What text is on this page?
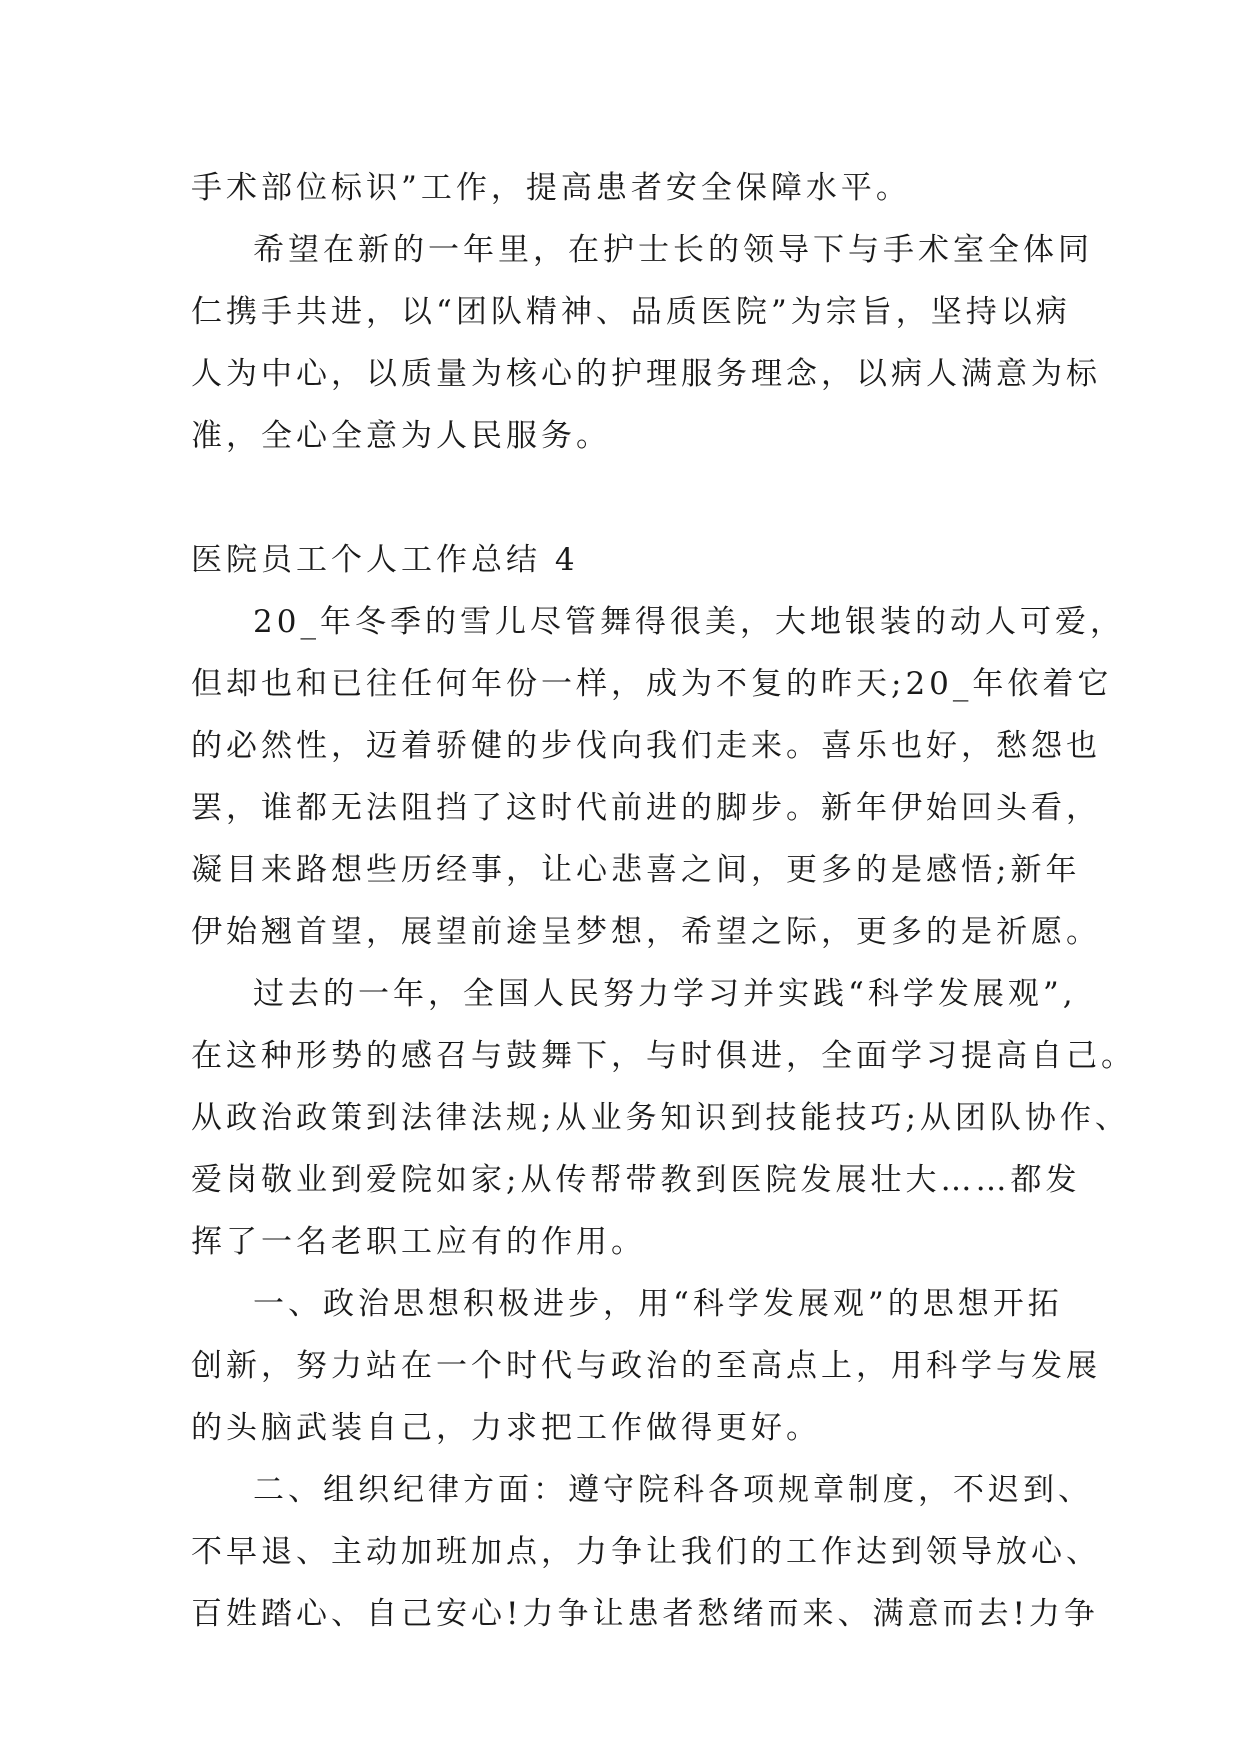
手术部位标识”工作，提高患者安全保障水平。
希望在新的一年里，在护士长的领导下与手术室全体同
仁携手共进，以“团队精神、品质医院”为宗旨，坚持以病
人为中心，以质量为核心的护理服务理念，以病人满意为标
准，全心全意为人民服务。
医院员工个人工作总结 4
20_年冬季的雪儿尽管舞得很美，大地银装的动人可爱，
但却也和已往任何年份一样，成为不复的昨天;20_年依着它
的必然性，迈着骄健的步伐向我们走来。喜乐也好，愁怨也
罢，谁都无法阻挡了这时代前进的脚步。新年伊始回头看，
凝目来路想些历经事，让心悲喜之间，更多的是感悟;新年
伊始翘首望，展望前途呈梦想，希望之际，更多的是祈愿。
过去的一年，全国人民努力学习并实践“科学发展观”,
在这种形势的感召与鼓舞下，与时俱进，全面学习提高自己。
从政治政策到法律法规;从业务知识到技能技巧;从团队协作、
爱岗敬业到爱院如家;从传帮带教到医院发展壮大……都发
挥了一名老职工应有的作用。
一、政治思想积极进步，用“科学发展观”的思想开拓
创新，努力站在一个时代与政治的至高点上，用科学与发展
的头脑武装自己，力求把工作做得更好。
二、组织纪律方面：遵守院科各项规章制度，不迟到、
不早退、主动加班加点，力争让我们的工作达到领导放心、
百姓踏心、自己安心!力争让患者愁绪而来、满意而去!力争
